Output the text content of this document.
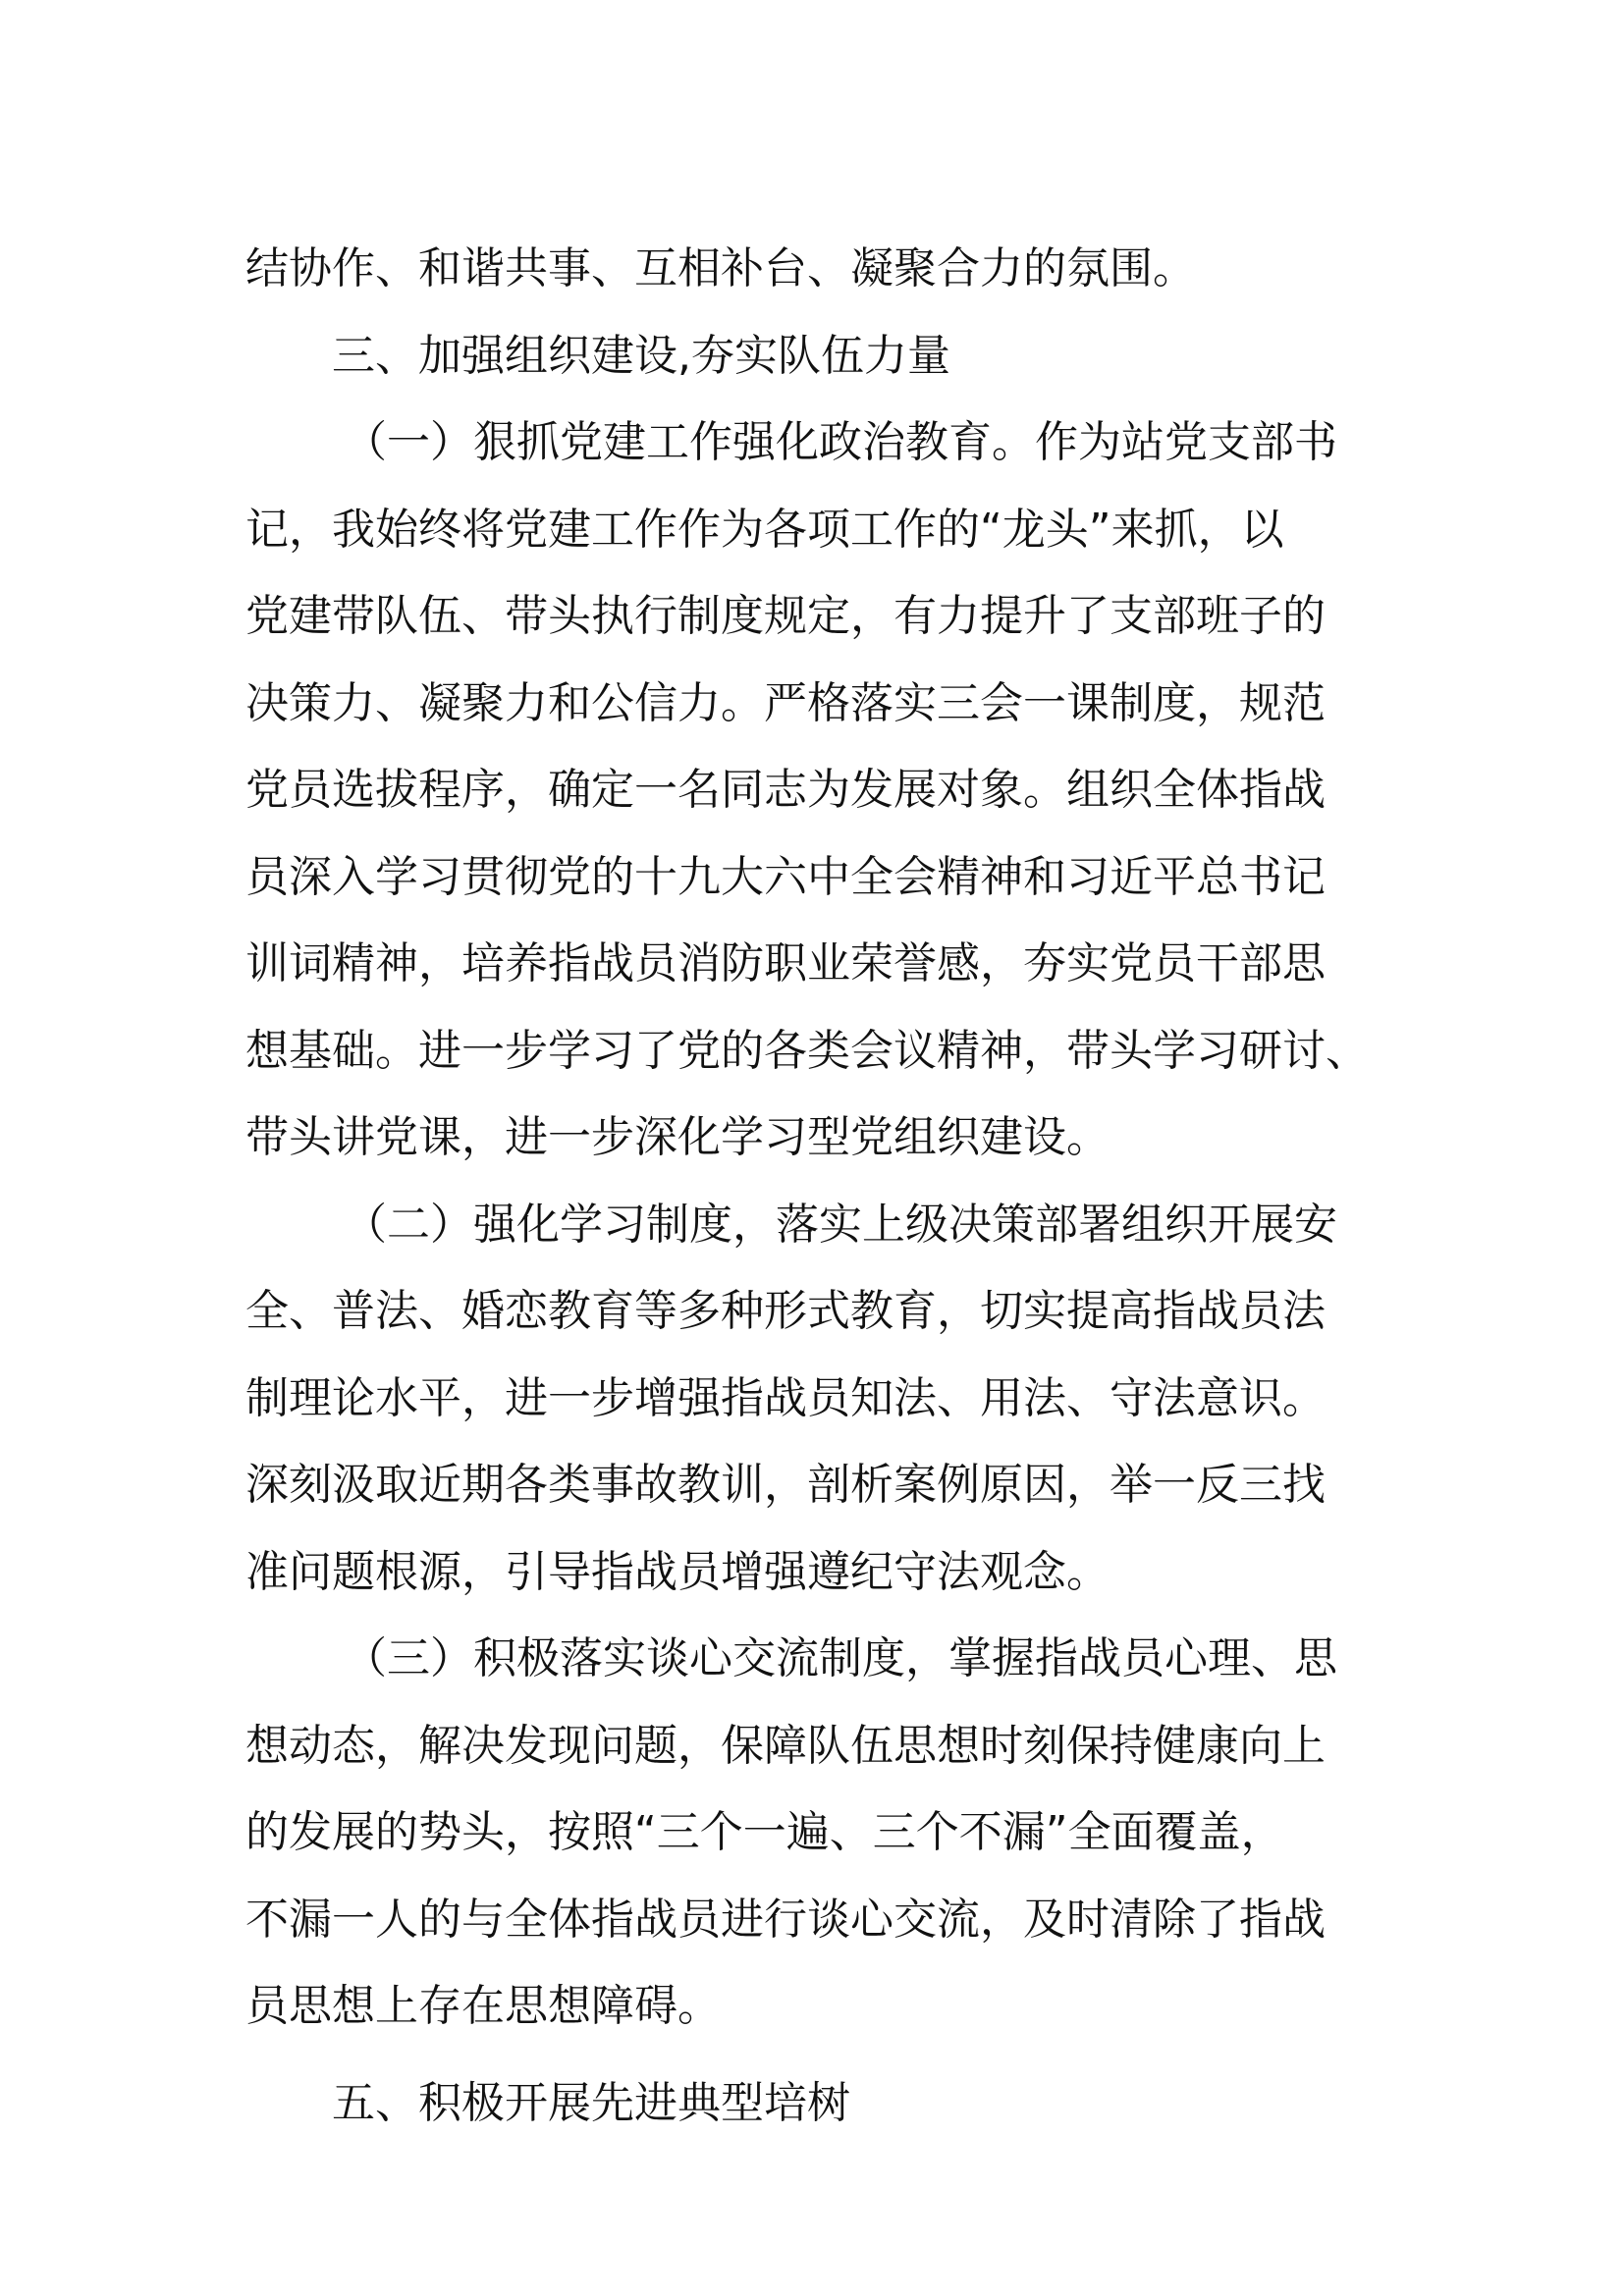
结协作、和谐共事、互相补台、凝聚合力的氛围。
三、加强组织建设,夯实队伍力量
（一）狠抓党建工作强化政治教育。作为站党支部书
记，我始终将党建工作作为各项工作的“龙头”来抓，以
党建带队伍、带头执行制度规定，有力提升了支部班子的
决策力、凝聚力和公信力。严格落实三会一课制度，规范
党员选拔程序，确定一名同志为发展对象。组织全体指战
员深入学习贯彻党的十九大六中全会精神和习近平总书记
训词精神，培养指战员消防职业荣誉感，夯实党员干部思
想基础。进一步学习了党的各类会议精神，带头学习研讨、
带头讲党课，进一步深化学习型党组织建设。
（二）强化学习制度，落实上级决策部署组织开展安
全、普法、婚恋教育等多种形式教育，切实提高指战员法
制理论水平，进一步增强指战员知法、用法、守法意识。
深刻汲取近期各类事故教训，剖析案例原因，举一反三找
准问题根源，引导指战员增强遵纪守法观念。
（三）积极落实谈心交流制度，掌握指战员心理、思
想动态，解决发现问题，保障队伍思想时刻保持健康向上
的发展的势头，按照“三个一遍、三个不漏”全面覆盖，
不漏一人的与全体指战员进行谈心交流，及时清除了指战
员思想上存在思想障碍。
五、积极开展先进典型培树
